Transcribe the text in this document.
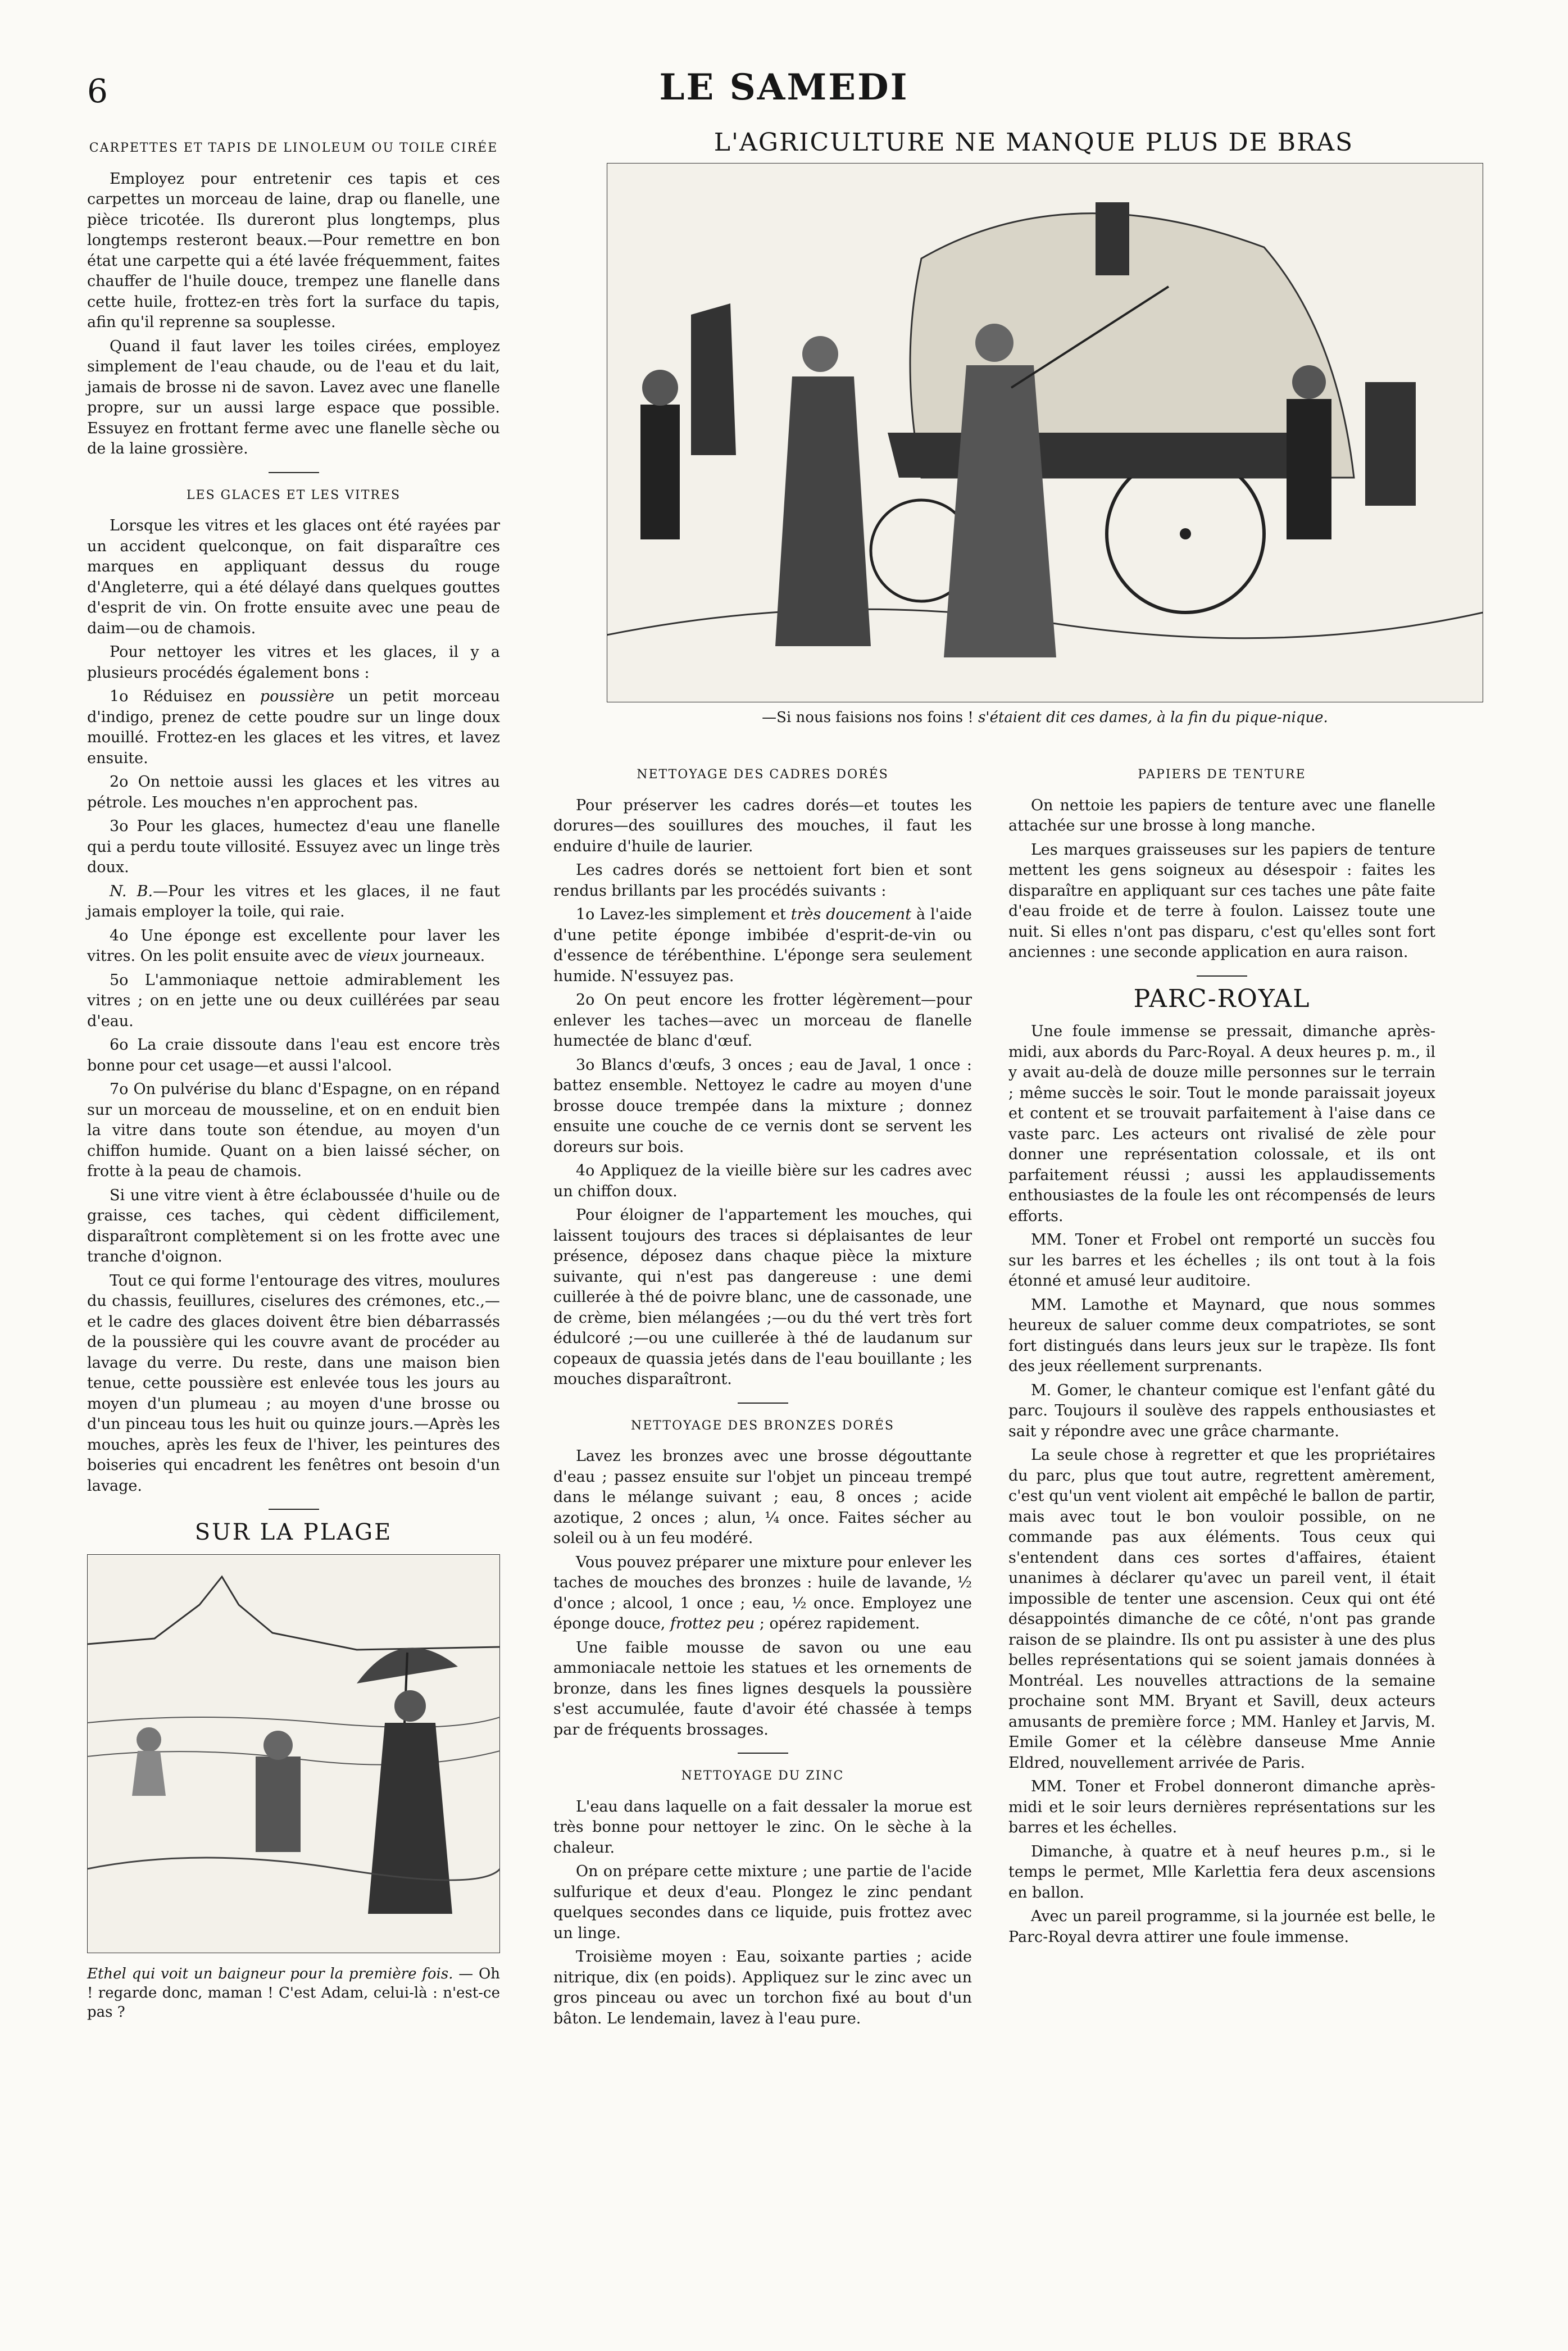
6	LE SAMEDI
CARPETTES ET TAPIS DE LINOLEUM OU TOILE CIRÉE

Employez pour entretenir ces tapis et ces carpettes un morceau de laine, drap ou flanelle, une pièce tricotée. Ils dureront plus longtemps, plus longtemps resteront beaux.—Pour remettre en bon état une carpette qui a été lavée fréquemment, faites chauffer de l'huile douce, trempez une flanelle dans cette huile, frottez-en très fort la surface du tapis, afin qu'il reprenne sa souplesse.

Quand il faut laver les toiles cirées, employez simplement de l'eau chaude, ou de l'eau et du lait, jamais de brosse ni de savon. Lavez avec une flanelle propre, sur un aussi large espace que possible. Essuyez en frottant ferme avec une flanelle sèche ou de la laine grossière.

LES GLACES ET LES VITRES

Lorsque les vitres et les glaces ont été rayées par un accident quelconque, on fait disparaître ces marques en appliquant dessus du rouge d'Angleterre, qui a été délayé dans quelques gouttes d'esprit de vin. On frotte ensuite avec une peau de daim—ou de chamois.

Pour nettoyer les vitres et les glaces, il y a plusieurs procédés également bons :

1o Réduisez en poussière un petit morceau d'indigo, prenez de cette poudre sur un linge doux mouillé. Frottez-en les glaces et les vitres, et lavez ensuite.

2o On nettoie aussi les glaces et les vitres au pétrole. Les mouches n'en approchent pas.

3o Pour les glaces, humectez d'eau une flanelle qui a perdu toute villosité. Essuyez avec un linge très doux.

N. B.—Pour les vitres et les glaces, il ne faut jamais employer la toile, qui raie.

4o Une éponge est excellente pour laver les vitres. On les polit ensuite avec de vieux journeaux.

5o L'ammoniaque nettoie admirablement les vitres ; on en jette une ou deux cuillérées par seau d'eau.

6o La craie dissoute dans l'eau est encore très bonne pour cet usage—et aussi l'alcool.

7o On pulvérise du blanc d'Espagne, on en répand sur un morceau de mousseline, et on en enduit bien la vitre dans toute son étendue, au moyen d'un chiffon humide. Quant on a bien laissé sécher, on frotte à la peau de chamois.

Si une vitre vient à être éclaboussée d'huile ou de graisse, ces taches, qui cèdent difficilement, disparaîtront complètement si on les frotte avec une tranche d'oignon.

Tout ce qui forme l'entourage des vitres, moulures du chassis, feuillures, ciselures des crémones, etc.,—et le cadre des glaces doivent être bien débarrassés de la poussière qui les couvre avant de procéder au lavage du verre. Du reste, dans une maison bien tenue, cette poussière est enlevée tous les jours au moyen d'un plumeau ; au moyen d'une brosse ou d'un pinceau tous les huit ou quinze jours.—Après les mouches, après les feux de l'hiver, les peintures des boiseries qui encadrent les fenêtres ont besoin d'un lavage.

SUR LA PLAGE
Ethel qui voit un baigneur pour la première fois. — Oh ! regarde donc, maman ! C'est Adam, celui-là : n'est-ce pas ?
L'AGRICULTURE NE MANQUE PLUS DE BRAS
—Si nous faisions nos foins ! s'étaient dit ces dames, à la fin du pique-nique.
NETTOYAGE DES CADRES DORÉS

Pour préserver les cadres dorés—et toutes les dorures—des souillures des mouches, il faut les enduire d'huile de laurier.

Les cadres dorés se nettoient fort bien et sont rendus brillants par les procédés suivants :

1o Lavez-les simplement et très doucement à l'aide d'une petite éponge imbibée d'esprit-de-vin ou d'essence de térébenthine. L'éponge sera seulement humide. N'essuyez pas.

2o On peut encore les frotter légèrement—pour enlever les taches—avec un morceau de flanelle humectée de blanc d'œuf.

3o Blancs d'œufs, 3 onces ; eau de Javal, 1 once : battez ensemble. Nettoyez le cadre au moyen d'une brosse douce trempée dans la mixture ; donnez ensuite une couche de ce vernis dont se servent les doreurs sur bois.

4o Appliquez de la vieille bière sur les cadres avec un chiffon doux.

Pour éloigner de l'appartement les mouches, qui laissent toujours des traces si déplaisantes de leur présence, déposez dans chaque pièce la mixture suivante, qui n'est pas dangereuse : une demi cuillerée à thé de poivre blanc, une de cassonade, une de crème, bien mélangées ;—ou du thé vert très fort édulcoré ;—ou une cuillerée à thé de laudanum sur copeaux de quassia jetés dans de l'eau bouillante ; les mouches disparaîtront.

NETTOYAGE DES BRONZES DORÉS

Lavez les bronzes avec une brosse dégouttante d'eau ; passez ensuite sur l'objet un pinceau trempé dans le mélange suivant ; eau, 8 onces ; acide azotique, 2 onces ; alun, ¼ once. Faites sécher au soleil ou à un feu modéré.

Vous pouvez préparer une mixture pour enlever les taches de mouches des bronzes : huile de lavande, ½ d'once ; alcool, 1 once ; eau, ½ once. Employez une éponge douce, frottez peu ; opérez rapidement.

Une faible mousse de savon ou une eau ammoniacale nettoie les statues et les ornements de bronze, dans les fines lignes desquels la poussière s'est accumulée, faute d'avoir été chassée à temps par de fréquents brossages.

NETTOYAGE DU ZINC

L'eau dans laquelle on a fait dessaler la morue est très bonne pour nettoyer le zinc. On le sèche à la chaleur.

On on prépare cette mixture ; une partie de l'acide sulfurique et deux d'eau. Plongez le zinc pendant quelques secondes dans ce liquide, puis frottez avec un linge.

Troisième moyen : Eau, soixante parties ; acide nitrique, dix (en poids). Appliquez sur le zinc avec un gros pinceau ou avec un torchon fixé au bout d'un bâton. Le lendemain, lavez à l'eau pure.

PAPIERS DE TENTURE

On nettoie les papiers de tenture avec une flanelle attachée sur une brosse à long manche.

Les marques graisseuses sur les papiers de tenture mettent les gens soigneux au désespoir : faites les disparaître en appliquant sur ces taches une pâte faite d'eau froide et de terre à foulon. Laissez toute une nuit. Si elles n'ont pas disparu, c'est qu'elles sont fort anciennes : une seconde application en aura raison.

PARC-ROYAL

Une foule immense se pressait, dimanche après-midi, aux abords du Parc-Royal. A deux heures p. m., il y avait au-delà de douze mille personnes sur le terrain ; même succès le soir. Tout le monde paraissait joyeux et content et se trouvait parfaitement à l'aise dans ce vaste parc. Les acteurs ont rivalisé de zèle pour donner une représentation colossale, et ils ont parfaitement réussi ; aussi les applaudissements enthousiastes de la foule les ont récompensés de leurs efforts.

MM. Toner et Frobel ont remporté un succès fou sur les barres et les échelles ; ils ont tout à la fois étonné et amusé leur auditoire.

MM. Lamothe et Maynard, que nous sommes heureux de saluer comme deux compatriotes, se sont fort distingués dans leurs jeux sur le trapèze. Ils font des jeux réellement surprenants.

M. Gomer, le chanteur comique est l'enfant gâté du parc. Toujours il soulève des rappels enthousiastes et sait y répondre avec une grâce charmante.

La seule chose à regretter et que les propriétaires du parc, plus que tout autre, regrettent amèrement, c'est qu'un vent violent ait empêché le ballon de partir, mais avec tout le bon vouloir possible, on ne commande pas aux éléments. Tous ceux qui s'entendent dans ces sortes d'affaires, étaient unanimes à déclarer qu'avec un pareil vent, il était impossible de tenter une ascension. Ceux qui ont été désappointés dimanche de ce côté, n'ont pas grande raison de se plaindre. Ils ont pu assister à une des plus belles représentations qui se soient jamais données à Montréal. Les nouvelles attractions de la semaine prochaine sont MM. Bryant et Savill, deux acteurs amusants de première force ; MM. Hanley et Jarvis, M. Emile Gomer et la célèbre danseuse Mme Annie Eldred, nouvellement arrivée de Paris.

MM. Toner et Frobel donneront dimanche après-midi et le soir leurs dernières représentations sur les barres et les échelles.

Dimanche, à quatre et à neuf heures p.m., si le temps le permet, Mlle Karlettia fera deux ascensions en ballon.

Avec un pareil programme, si la journée est belle, le Parc-Royal devra attirer une foule immense.
